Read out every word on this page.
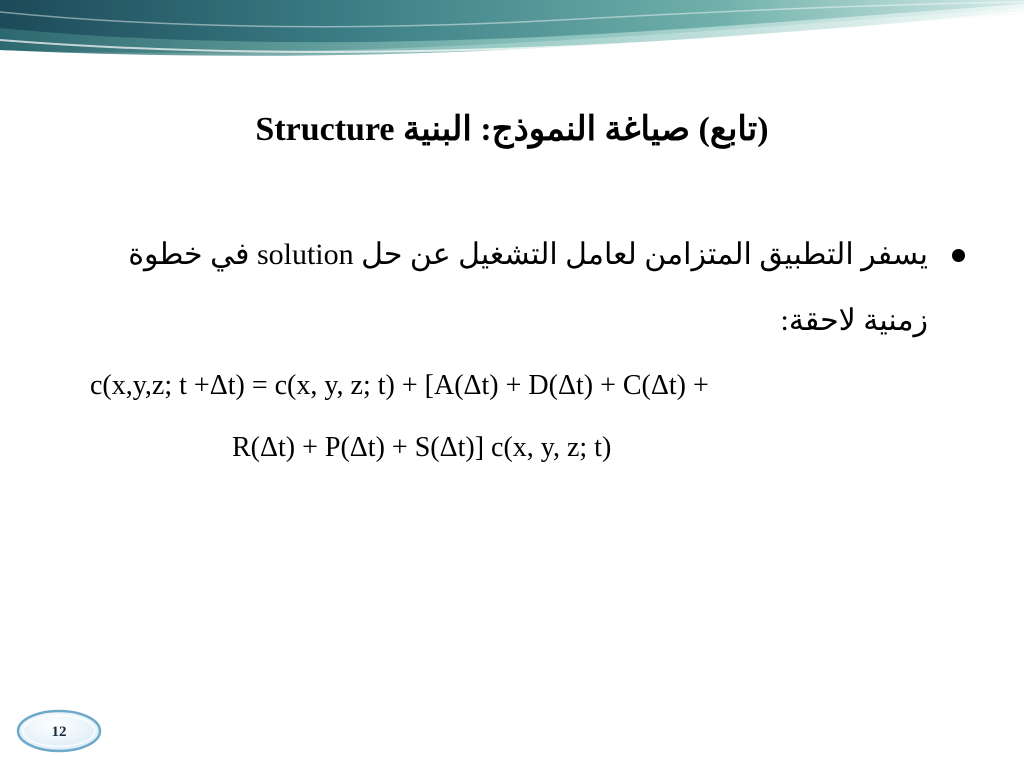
(تابع) صياغة النموذج: البنية Structure
يسفر التطبيق المتزامن لعامل التشغيل عن حل solution في خطوة
زمنية لاحقة:
c(x,y,z; t +Δt) = c(x, y, z; t) + [A(Δt) + D(Δt) + C(Δt) +
R(Δt) + P(Δt) + S(Δt)] c(x, y, z; t)
12
